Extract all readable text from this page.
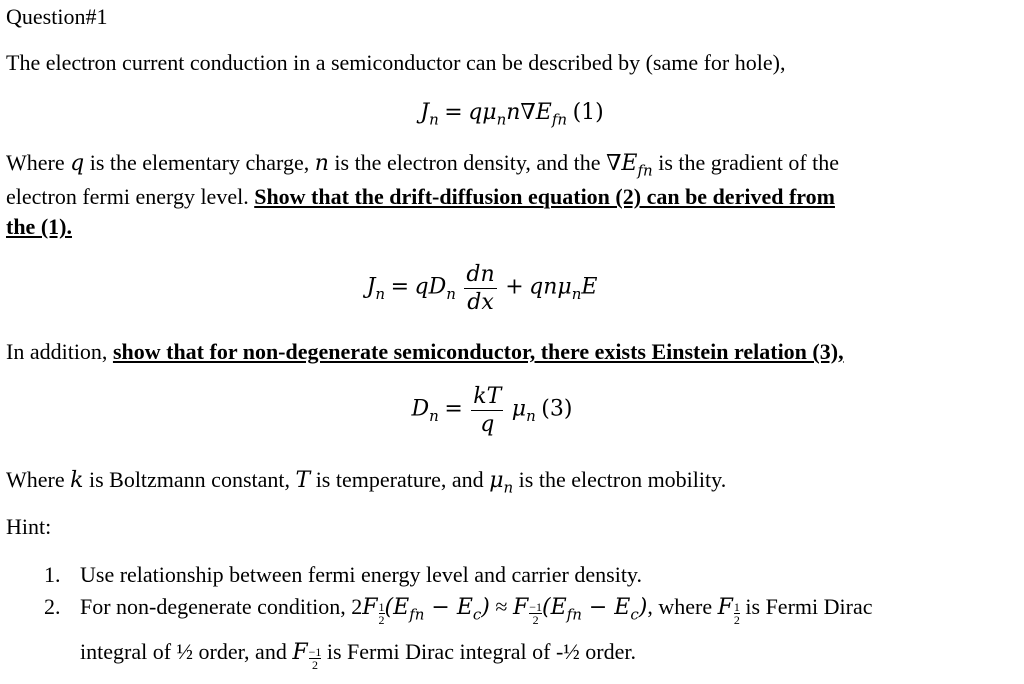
Question#1
The electron current conduction in a semiconductor can be described by (same for hole),
$J_n = q\mu_nn\nabla E_{fn}$ (1)
Where q is the elementary charge, n is the electron density, and the $\nabla E_{fn}$ is the gradient of the
electron fermi energy level. Show that the drift-diffusion equation (2) can be derived from
the (1).
$J_n = qD_n \frac{dn}{dx} + qn\mu_nE$
In addition, show that for non-degenerate semiconductor, there exists Einstein relation (3),
$D_n = \frac{kT}{q} \mu_n$ (3)
Where k is Boltzmann constant, T is temperature, and $\mu_n$ is the electron mobility.
Hint:
1. Use relationship between fermi energy level and carrier density.
2. For non-degenerate condition, $2F \frac{1}{2} (E_{fn} - E_c) \approx F \frac{-1}{2} (E_{fn} - E_c)$, where F $\frac{1}{2}$ is Fermi Dirac
integral of ½ order, and F $\frac{-1}{2}$ is Fermi Dirac integral of -½ order.
